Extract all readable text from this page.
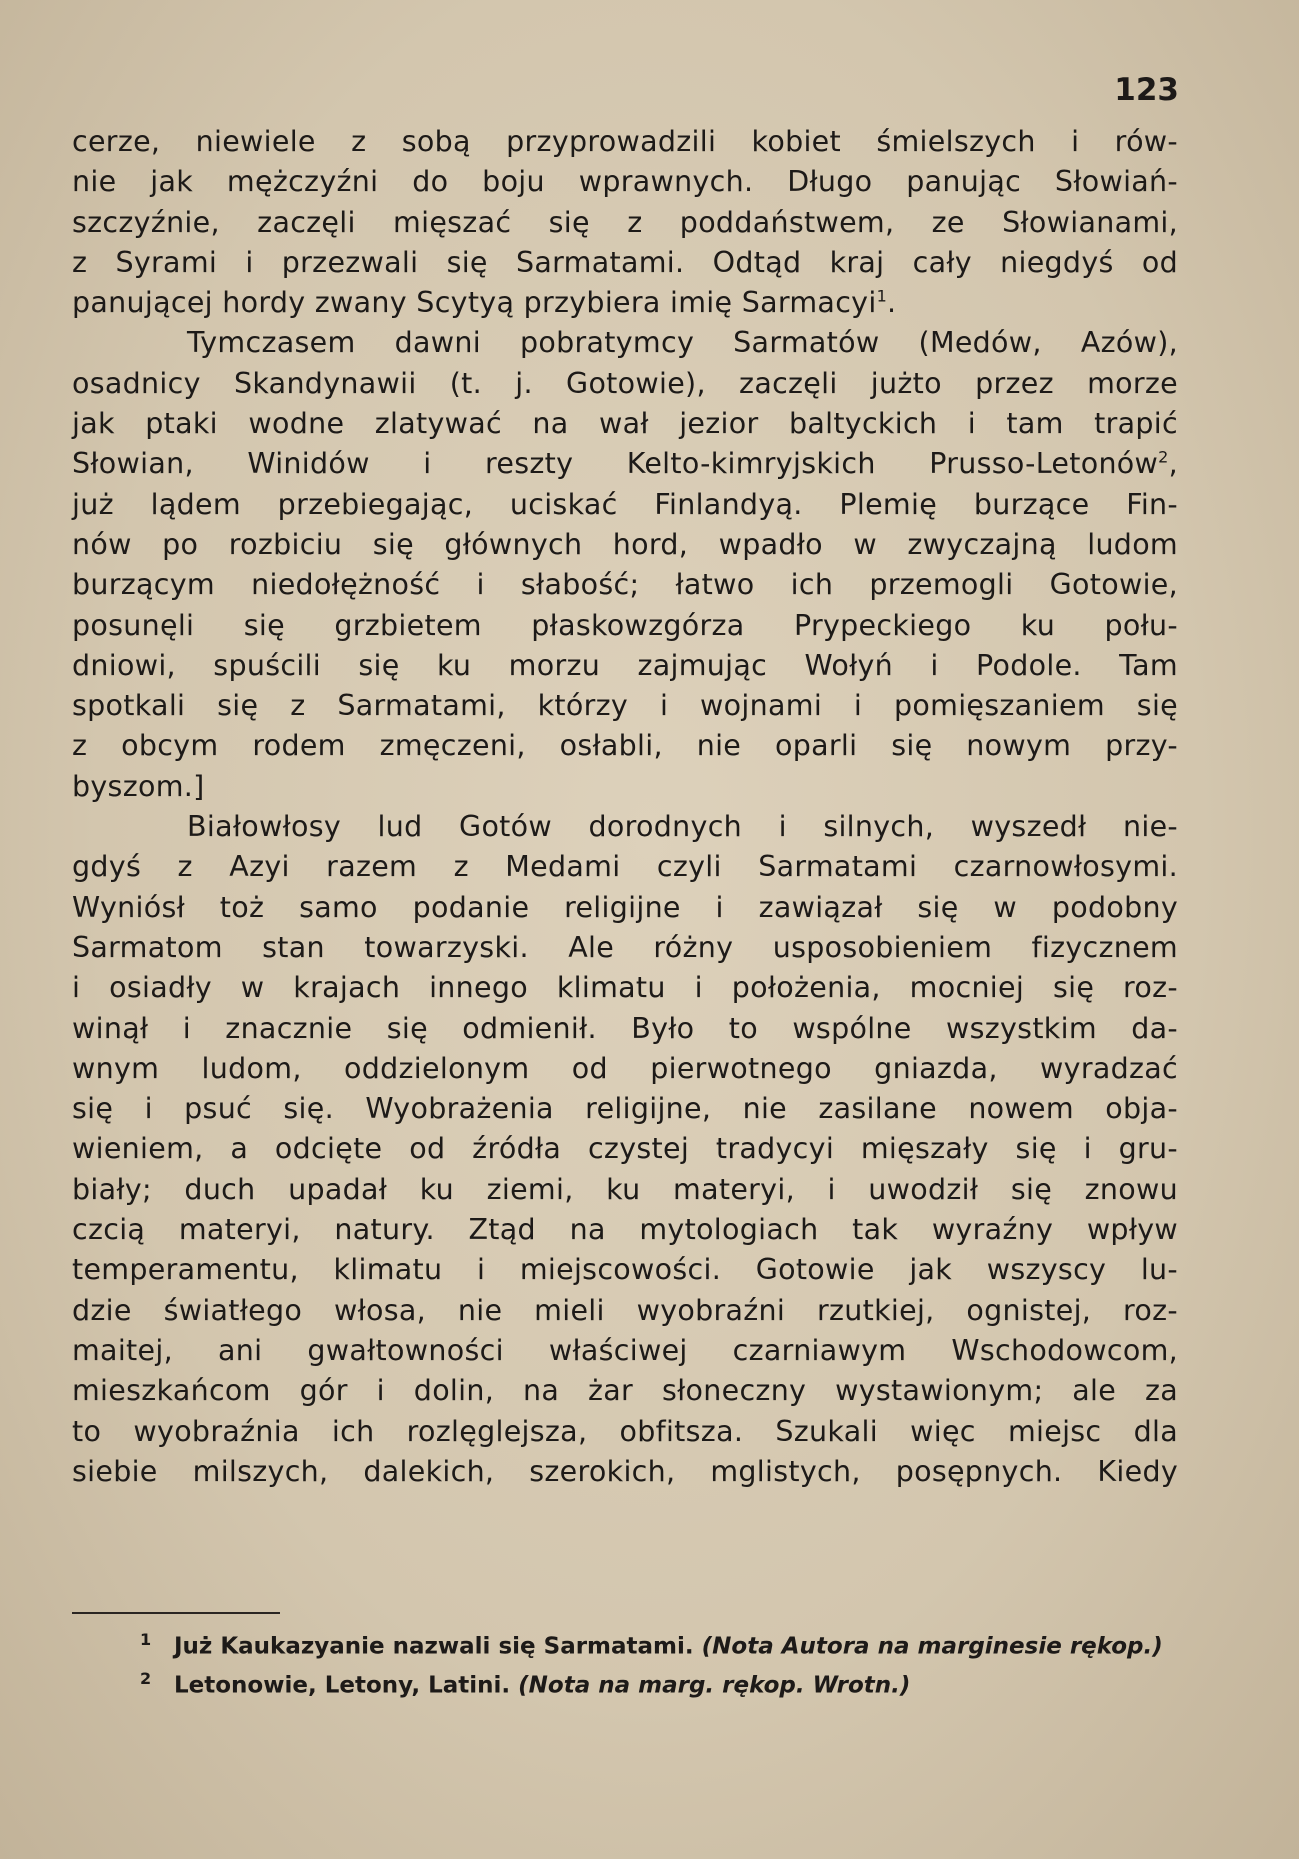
123
cerze, niewiele z sobą przyprowadzili kobiet śmielszych i rów-
nie jak mężczyźni do boju wprawnych. Długo panując Słowiań-
szczyźnie, zaczęli mięszać się z poddaństwem, ze Słowianami,
z Syrami i przezwali się Sarmatami. Odtąd kraj cały niegdyś od
panującej hordy zwany Scytyą przybiera imię Sarmacyi$^1$.
Tymczasem dawni pobratymcy Sarmatów (Medów, Azów),
osadnicy Skandynawii (t. j. Gotowie), zaczęli jużto przez morze
jak ptaki wodne zlatywać na wał jezior baltyckich i tam trapić
Słowian, Winidów i reszty Kelto-kimryjskich Prusso-Letonów$^2$,
już lądem przebiegając, uciskać Finlandyą. Plemię burzące Fin-
nów po rozbiciu się głównych hord, wpadło w zwyczajną ludom
burzącym niedołężność i słabość; łatwo ich przemogli Gotowie,
posunęli się grzbietem płaskowzgórza Prypeckiego ku połu-
dniowi, spuścili się ku morzu zajmując Wołyń i Podole. Tam
spotkali się z Sarmatami, którzy i wojnami i pomięszaniem się
z obcym rodem zmęczeni, osłabli, nie oparli się nowym przy-
byszom.]
Białowłosy lud Gotów dorodnych i silnych, wyszedł nie-
gdyś z Azyi razem z Medami czyli Sarmatami czarnowłosymi.
Wyniósł toż samo podanie religijne i zawiązał się w podobny
Sarmatom stan towarzyski. Ale różny usposobieniem fizycznem
i osiadły w krajach innego klimatu i położenia, mocniej się roz-
winął i znacznie się odmienił. Było to wspólne wszystkim da-
wnym ludom, oddzielonym od pierwotnego gniazda, wyradzać
się i psuć się. Wyobrażenia religijne, nie zasilane nowem obja-
wieniem, a odcięte od źródła czystej tradycyi mięszały się i gru-
biały; duch upadał ku ziemi, ku materyi, i uwodził się znowu
czcią materyi, natury. Ztąd na mytologiach tak wyraźny wpływ
temperamentu, klimatu i miejscowości. Gotowie jak wszyscy lu-
dzie światłego włosa, nie mieli wyobraźni rzutkiej, ognistej, roz-
maitej, ani gwałtowności właściwej czarniawym Wschodowcom,
mieszkańcom gór i dolin, na żar słoneczny wystawionym; ale za
to wyobraźnia ich rozlęglejsza, obfitsza. Szukali więc miejsc dla
siebie milszych, dalekich, szerokich, mglistych, posępnych. Kiedy
1 Już Kaukazyanie nazwali się Sarmatami. (Nota Autora na marginesie rękop.)
2 Letonowie, Letony, Latini. (Nota na marg. rękop. Wrotn.)
